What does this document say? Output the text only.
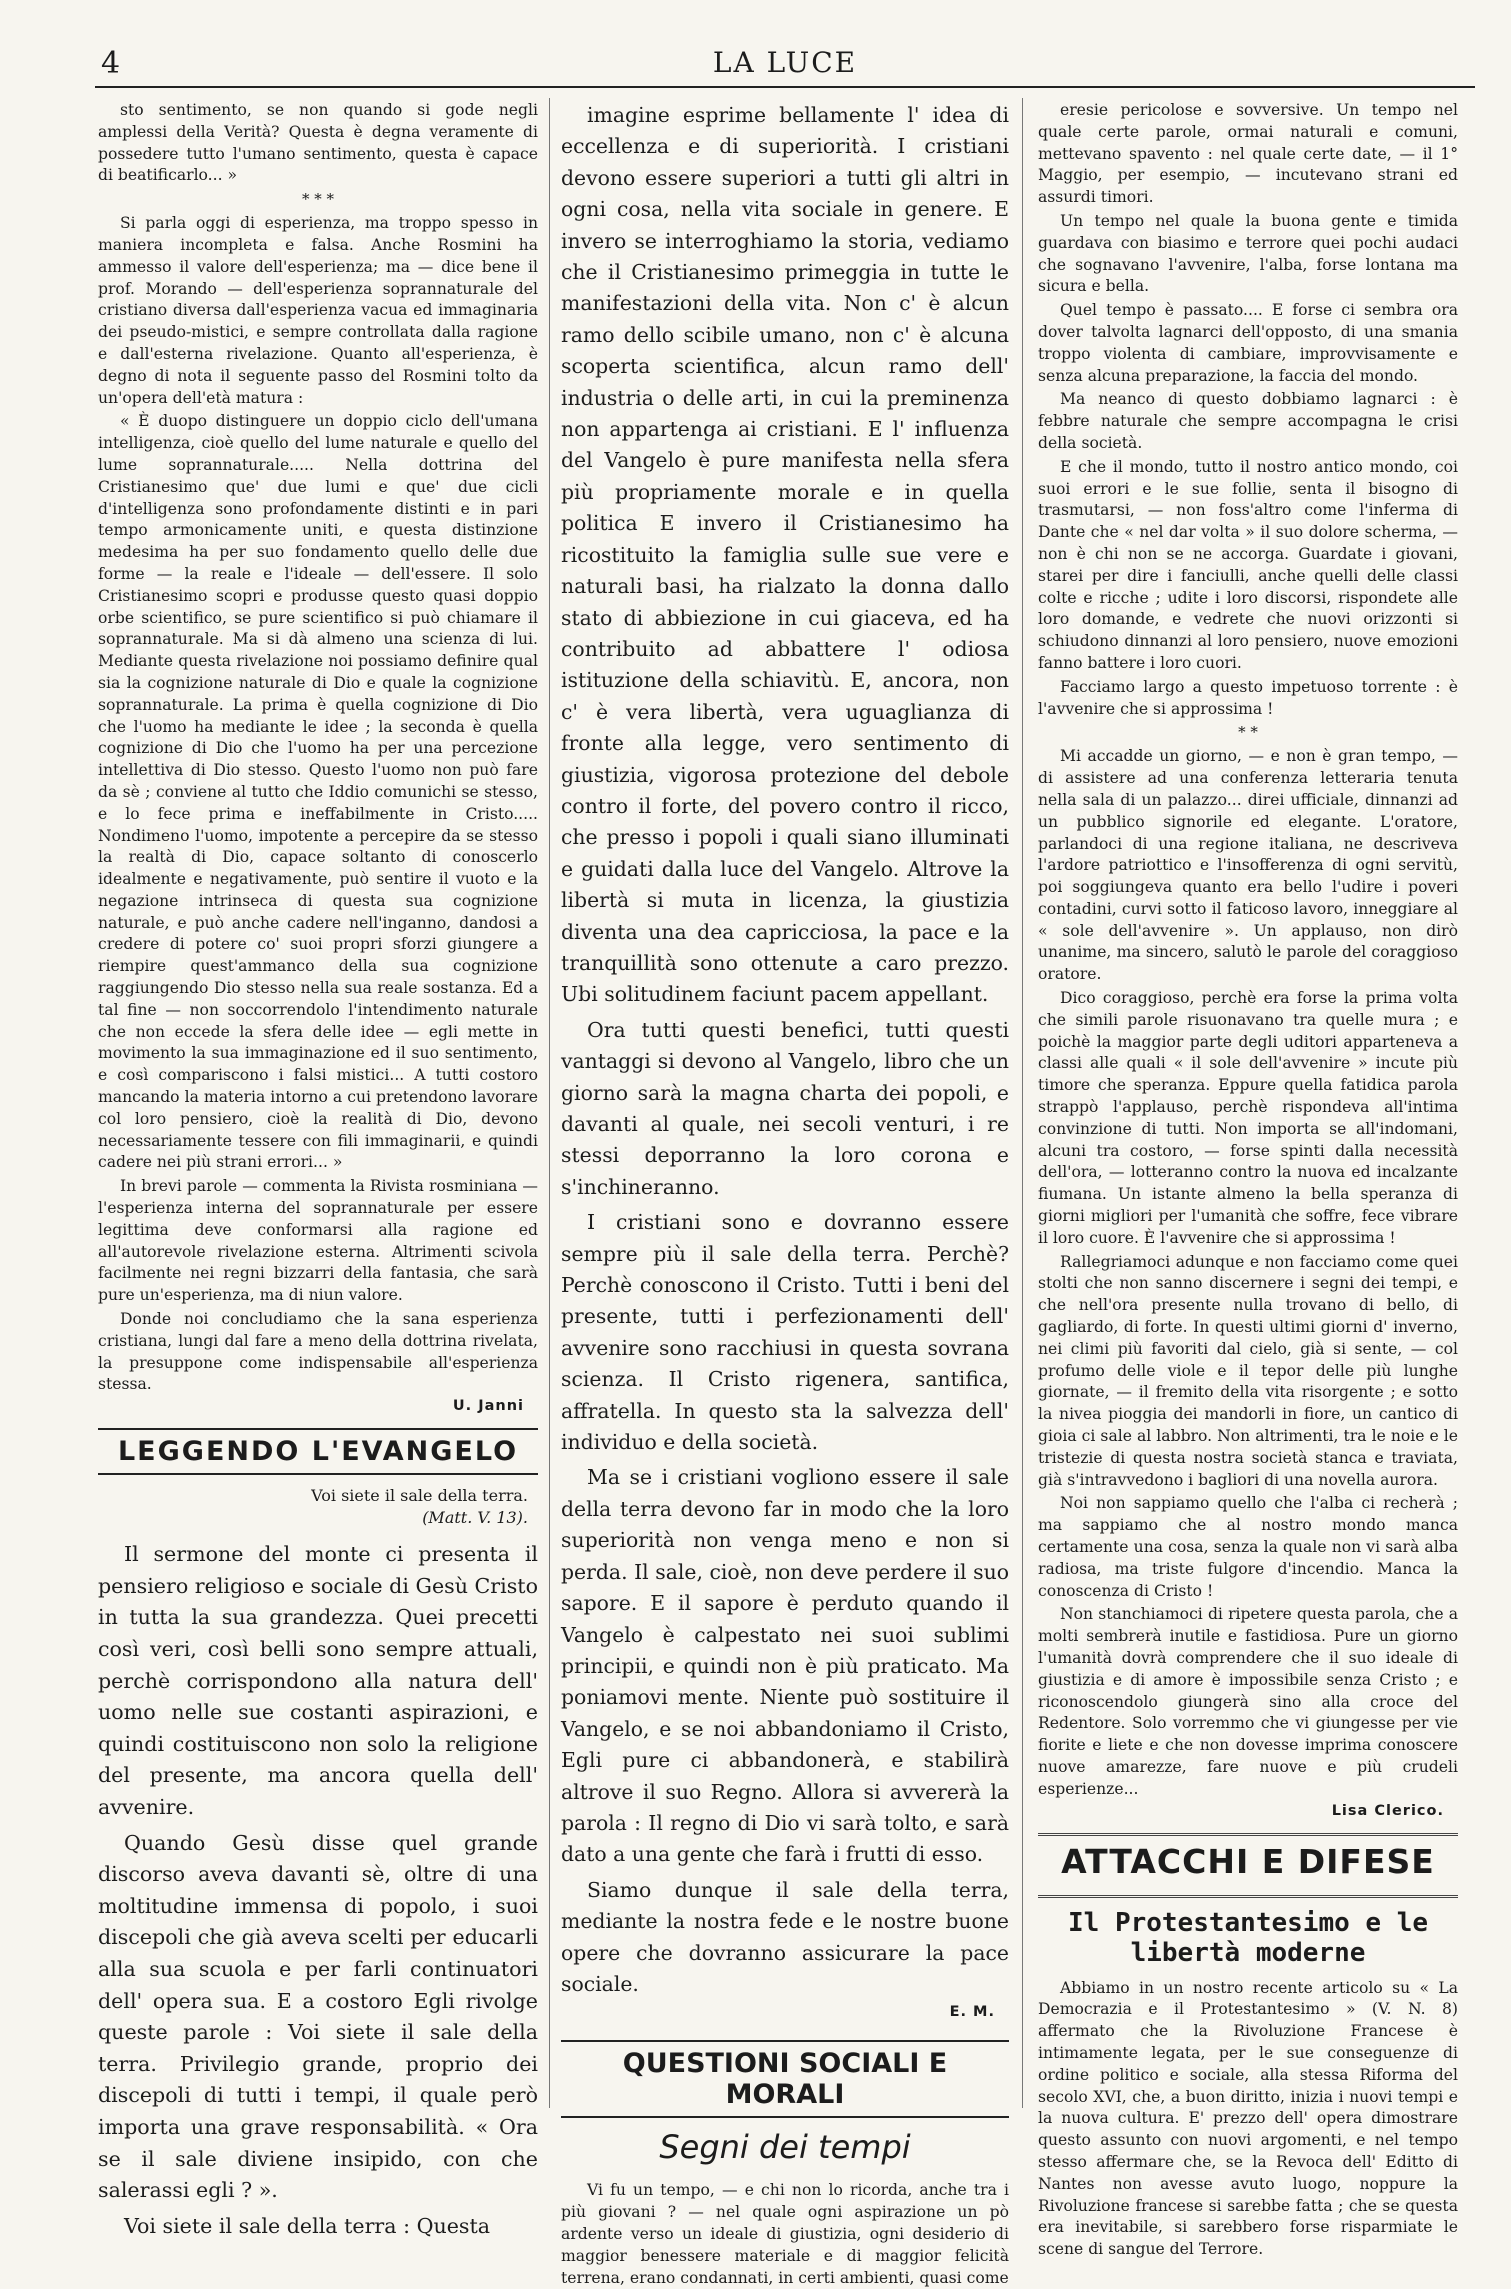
4	LA LUCE

sto sentimento, se non quando si gode negli amplessi della Verità? Questa è degna veramente di possedere tutto l'umano sentimento, questa è capace di beatificarlo... »

* * *

Si parla oggi di esperienza, ma troppo spesso in maniera incompleta e falsa. Anche Rosmini ha ammesso il valore dell'esperienza; ma — dice bene il prof. Morando — dell'esperienza soprannaturale del cristiano diversa dall'esperienza vacua ed immaginaria dei pseudo-mistici, e sempre controllata dalla ragione e dall'esterna rivelazione. Quanto all'esperienza, è degno di nota il seguente passo del Rosmini tolto da un'opera dell'età matura :

« È duopo distinguere un doppio ciclo dell'umana intelligenza, cioè quello del lume naturale e quello del lume soprannaturale..... Nella dottrina del Cristianesimo que' due lumi e que' due cicli d'intelligenza sono profondamente distinti e in pari tempo armonicamente uniti, e questa distinzione medesima ha per suo fondamento quello delle due forme — la reale e l'ideale — dell'essere. Il solo Cristianesimo scopri e produsse questo quasi doppio orbe scientifico, se pure scientifico si può chiamare il soprannaturale. Ma si dà almeno una scienza di lui. Mediante questa rivelazione noi possiamo definire qual sia la cognizione naturale di Dio e quale la cognizione soprannaturale. La prima è quella cognizione di Dio che l'uomo ha mediante le idee ; la seconda è quella cognizione di Dio che l'uomo ha per una percezione intellettiva di Dio stesso. Questo l'uomo non può fare da sè ; conviene al tutto che Iddio comunichi se stesso, e lo fece prima e ineffabilmente in Cristo..... Nondimeno l'uomo, impotente a percepire da se stesso la realtà di Dio, capace soltanto di conoscerlo idealmente e negativamente, può sentire il vuoto e la negazione intrinseca di questa sua cognizione naturale, e può anche cadere nell'inganno, dandosi a credere di potere co' suoi propri sforzi giungere a riempire quest'ammanco della sua cognizione raggiungendo Dio stesso nella sua reale sostanza. Ed a tal fine — non soccorrendolo l'intendimento naturale che non eccede la sfera delle idee — egli mette in movimento la sua immaginazione ed il suo sentimento, e così compariscono i falsi mistici... A tutti costoro mancando la materia intorno a cui pretendono lavorare col loro pensiero, cioè la realità di Dio, devono necessariamente tessere con fili immaginarii, e quindi cadere nei più strani errori... »

In brevi parole — commenta la Rivista rosminiana — l'esperienza interna del soprannaturale per essere legittima deve conformarsi alla ragione ed all'autorevole rivelazione esterna. Altrimenti scivola facilmente nei regni bizzarri della fantasia, che sarà pure un'esperienza, ma di niun valore.

Donde noi concludiamo che la sana esperienza cristiana, lungi dal fare a meno della dottrina rivelata, la presuppone come indispensabile all'esperienza stessa.

U. Janni
LEGGENDO L'EVANGELO
Voi siete il sale della terra.
(Matt. V. 13).

Il sermone del monte ci presenta il pensiero religioso e sociale di Gesù Cristo in tutta la sua grandezza. Quei precetti così veri, così belli sono sempre attuali, perchè corrispondono alla natura dell' uomo nelle sue costanti aspirazioni, e quindi costituiscono non solo la religione del presente, ma ancora quella dell' avvenire.

Quando Gesù disse quel grande discorso aveva davanti sè, oltre di una moltitudine immensa di popolo, i suoi discepoli che già aveva scelti per educarli alla sua scuola e per farli continuatori dell' opera sua. E a costoro Egli rivolge queste parole : Voi siete il sale della terra. Privilegio grande, proprio dei discepoli di tutti i tempi, il quale però importa una grave responsabilità. « Ora se il sale diviene insipido, con che salerassi egli ? ».

Voi siete il sale della terra : Questa

imagine esprime bellamente l' idea di eccellenza e di superiorità. I cristiani devono essere superiori a tutti gli altri in ogni cosa, nella vita sociale in genere. E invero se interroghiamo la storia, vediamo che il Cristianesimo primeggia in tutte le manifestazioni della vita. Non c' è alcun ramo dello scibile umano, non c' è alcuna scoperta scientifica, alcun ramo dell' industria o delle arti, in cui la preminenza non appartenga ai cristiani. E l' influenza del Vangelo è pure manifesta nella sfera più propriamente morale e in quella politica E invero il Cristianesimo ha ricostituito la famiglia sulle sue vere e naturali basi, ha rialzato la donna dallo stato di abbiezione in cui giaceva, ed ha contribuito ad abbattere l' odiosa istituzione della schiavitù. E, ancora, non c' è vera libertà, vera uguaglianza di fronte alla legge, vero sentimento di giustizia, vigorosa protezione del debole contro il forte, del povero contro il ricco, che presso i popoli i quali siano illuminati e guidati dalla luce del Vangelo. Altrove la libertà si muta in licenza, la giustizia diventa una dea capricciosa, la pace e la tranquillità sono ottenute a caro prezzo. Ubi solitudinem faciunt pacem appellant.

Ora tutti questi benefici, tutti questi vantaggi si devono al Vangelo, libro che un giorno sarà la magna charta dei popoli, e davanti al quale, nei secoli venturi, i re stessi deporranno la loro corona e s'inchineranno.

I cristiani sono e dovranno essere sempre più il sale della terra. Perchè? Perchè conoscono il Cristo. Tutti i beni del presente, tutti i perfezionamenti dell' avvenire sono racchiusi in questa sovrana scienza. Il Cristo rigenera, santifica, affratella. In questo sta la salvezza dell' individuo e della società.

Ma se i cristiani vogliono essere il sale della terra devono far in modo che la loro superiorità non venga meno e non si perda. Il sale, cioè, non deve perdere il suo sapore. E il sapore è perduto quando il Vangelo è calpestato nei suoi sublimi principii, e quindi non è più praticato. Ma poniamovi mente. Niente può sostituire il Vangelo, e se noi abbandoniamo il Cristo, Egli pure ci abbandonerà, e stabilirà altrove il suo Regno. Allora si avvererà la parola : Il regno di Dio vi sarà tolto, e sarà dato a una gente che farà i frutti di esso.

Siamo dunque il sale della terra, mediante la nostra fede e le nostre buone opere che dovranno assicurare la pace sociale.

E. M.
QUESTIONI SOCIALI E MORALI
Segni dei tempi

Vi fu un tempo, — e chi non lo ricorda, anche tra i più giovani ? — nel quale ogni aspirazione un pò ardente verso un ideale di giustizia, ogni desiderio di maggior benessere materiale e di maggior felicità terrena, erano condannati, in certi ambienti, quasi come

eresie pericolose e sovversive. Un tempo nel quale certe parole, ormai naturali e comuni, mettevano spavento : nel quale certe date, — il 1° Maggio, per esempio, — incutevano strani ed assurdi timori.

Un tempo nel quale la buona gente e timida guardava con biasimo e terrore quei pochi audaci che sognavano l'avvenire, l'alba, forse lontana ma sicura e bella.

Quel tempo è passato.... E forse ci sembra ora dover talvolta lagnarci dell'opposto, di una smania troppo violenta di cambiare, improvvisamente e senza alcuna preparazione, la faccia del mondo.

Ma neanco di questo dobbiamo lagnarci : è febbre naturale che sempre accompagna le crisi della società.

E che il mondo, tutto il nostro antico mondo, coi suoi errori e le sue follie, senta il bisogno di trasmutarsi, — non foss'altro come l'inferma di Dante che « nel dar volta » il suo dolore scherma, — non è chi non se ne accorga. Guardate i giovani, starei per dire i fanciulli, anche quelli delle classi colte e ricche ; udite i loro discorsi, rispondete alle loro domande, e vedrete che nuovi orizzonti si schiudono dinnanzi al loro pensiero, nuove emozioni fanno battere i loro cuori.

Facciamo largo a questo impetuoso torrente : è l'avvenire che si approssima !

* *

Mi accadde un giorno, — e non è gran tempo, — di assistere ad una conferenza letteraria tenuta nella sala di un palazzo... direi ufficiale, dinnanzi ad un pubblico signorile ed elegante. L'oratore, parlandoci di una regione italiana, ne descriveva l'ardore patriottico e l'insofferenza di ogni servitù, poi soggiungeva quanto era bello l'udire i poveri contadini, curvi sotto il faticoso lavoro, inneggiare al « sole dell'avvenire ». Un applauso, non dirò unanime, ma sincero, salutò le parole del coraggioso oratore.

Dico coraggioso, perchè era forse la prima volta che simili parole risuonavano tra quelle mura ; e poichè la maggior parte degli uditori apparteneva a classi alle quali « il sole dell'avvenire » incute più timore che speranza. Eppure quella fatidica parola strappò l'applauso, perchè rispondeva all'intima convinzione di tutti. Non importa se all'indomani, alcuni tra costoro, — forse spinti dalla necessità dell'ora, — lotteranno contro la nuova ed incalzante fiumana. Un istante almeno la bella speranza di giorni migliori per l'umanità che soffre, fece vibrare il loro cuore. È l'avvenire che si approssima !

Rallegriamoci adunque e non facciamo come quei stolti che non sanno discernere i segni dei tempi, e che nell'ora presente nulla trovano di bello, di gagliardo, di forte. In questi ultimi giorni d' inverno, nei climi più favoriti dal cielo, già si sente, — col profumo delle viole e il tepor delle più lunghe giornate, — il fremito della vita risorgente ; e sotto la nivea pioggia dei mandorli in fiore, un cantico di gioia ci sale al labbro. Non altrimenti, tra le noie e le tristezie di questa nostra società stanca e traviata, già s'intravvedono i bagliori di una novella aurora.

Noi non sappiamo quello che l'alba ci recherà ; ma sappiamo che al nostro mondo manca certamente una cosa, senza la quale non vi sarà alba radiosa, ma triste fulgore d'incendio. Manca la conoscenza di Cristo !

Non stanchiamoci di ripetere questa parola, che a molti sembrerà inutile e fastidiosa. Pure un giorno l'umanità dovrà comprendere che il suo ideale di giustizia e di amore è impossibile senza Cristo ; e riconoscendolo giungerà sino alla croce del Redentore. Solo vorremmo che vi giungesse per vie fiorite e liete e che non dovesse imprima conoscere nuove amarezze, fare nuove e più crudeli esperienze...

Lisa Clerico.
ATTACCHI E DIFESE
Il Protestantesimo e le libertà moderne

Abbiamo in un nostro recente articolo su « La Democrazia e il Protestantesimo » (V. N. 8) affermato che la Rivoluzione Francese è intimamente legata, per le sue conseguenze di ordine politico e sociale, alla stessa Riforma del secolo XVI, che, a buon diritto, inizia i nuovi tempi e la nuova cultura. E' prezzo dell' opera dimostrare questo assunto con nuovi argomenti, e nel tempo stesso affermare che, se la Revoca dell' Editto di Nantes non avesse avuto luogo, noppure la Rivoluzione francese si sarebbe fatta ; che se questa era inevitabile, si sarebbero forse risparmiate le scene di sangue del Terrore.
